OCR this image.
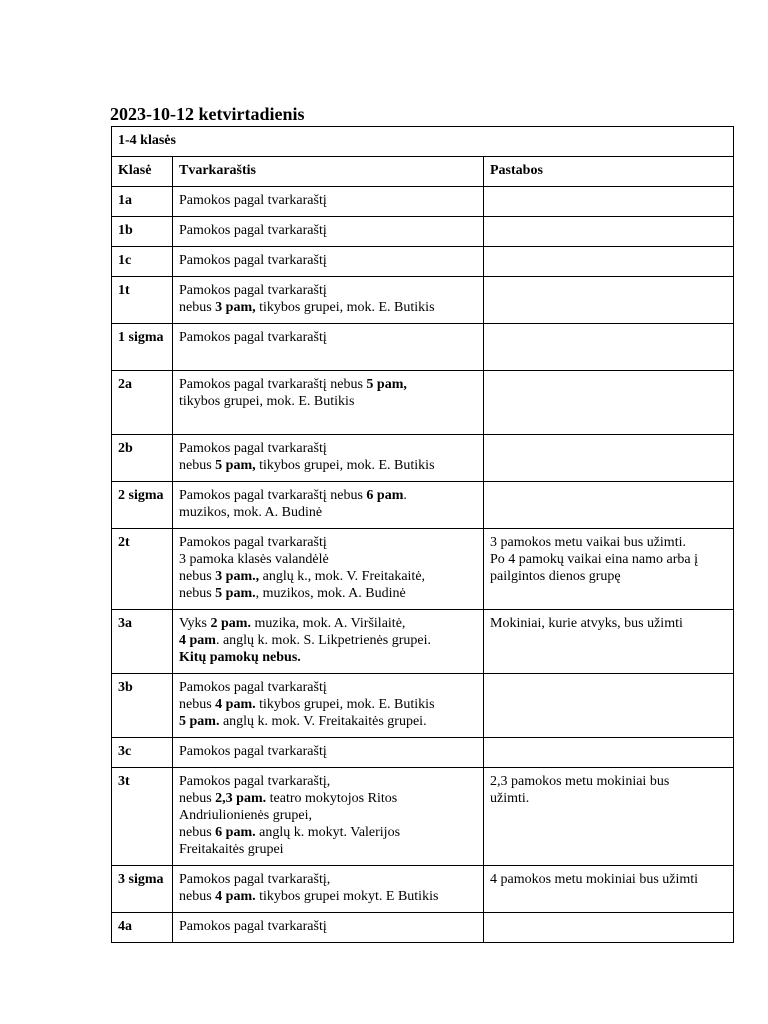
2023-10-12 ketvirtadienis
1-4 klasės		
Klasė	Tvarkaraštis	Pastabos
1a	Pamokos pagal tvarkaraštį	

1b	Pamokos pagal tvarkaraštį	

1c	Pamokos pagal tvarkaraštį	

1t	Pamokos pagal tvarkaraštį
nebus 3 pam, tikybos grupei, mok. E. Butikis	

1 sigma	Pamokos pagal tvarkaraštį	

2a	Pamokos pagal tvarkaraštį nebus 5 pam,
tikybos grupei, mok. E. Butikis	

2b	Pamokos pagal tvarkaraštį
nebus 5 pam, tikybos grupei, mok. E. Butikis	

2 sigma	Pamokos pagal tvarkaraštį nebus 6 pam.
muzikos, mok. A. Budinė	

2t	Pamokos pagal tvarkaraštį
3 pamoka klasės valandėlė
nebus 3 pam., anglų k., mok. V. Freitakaitė,
nebus 5 pam., muzikos, mok. A. Budinė	3 pamokos metu vaikai bus užimti.
Po 4 pamokų vaikai eina namo arba į
pailgintos dienos grupę

3a	Vyks 2 pam. muzika, mok. A. Viršilaitė,
4 pam. anglų k. mok. S. Likpetrienės grupei.
Kitų pamokų nebus.	Mokiniai, kurie atvyks, bus užimti

3b	Pamokos pagal tvarkaraštį
nebus 4 pam. tikybos grupei, mok. E. Butikis
5 pam. anglų k. mok. V. Freitakaitės grupei.	

3c	Pamokos pagal tvarkaraštį	

3t	Pamokos pagal tvarkaraštį,
nebus 2,3 pam. teatro mokytojos Ritos
Andriulionienės grupei,
nebus 6 pam. anglų k. mokyt. Valerijos
Freitakaitės grupei	2,3 pamokos metu mokiniai bus
užimti.

3 sigma	Pamokos pagal tvarkaraštį,
nebus 4 pam. tikybos grupei mokyt. E Butikis	4 pamokos metu mokiniai bus užimti

4a	Pamokos pagal tvarkaraštį	
